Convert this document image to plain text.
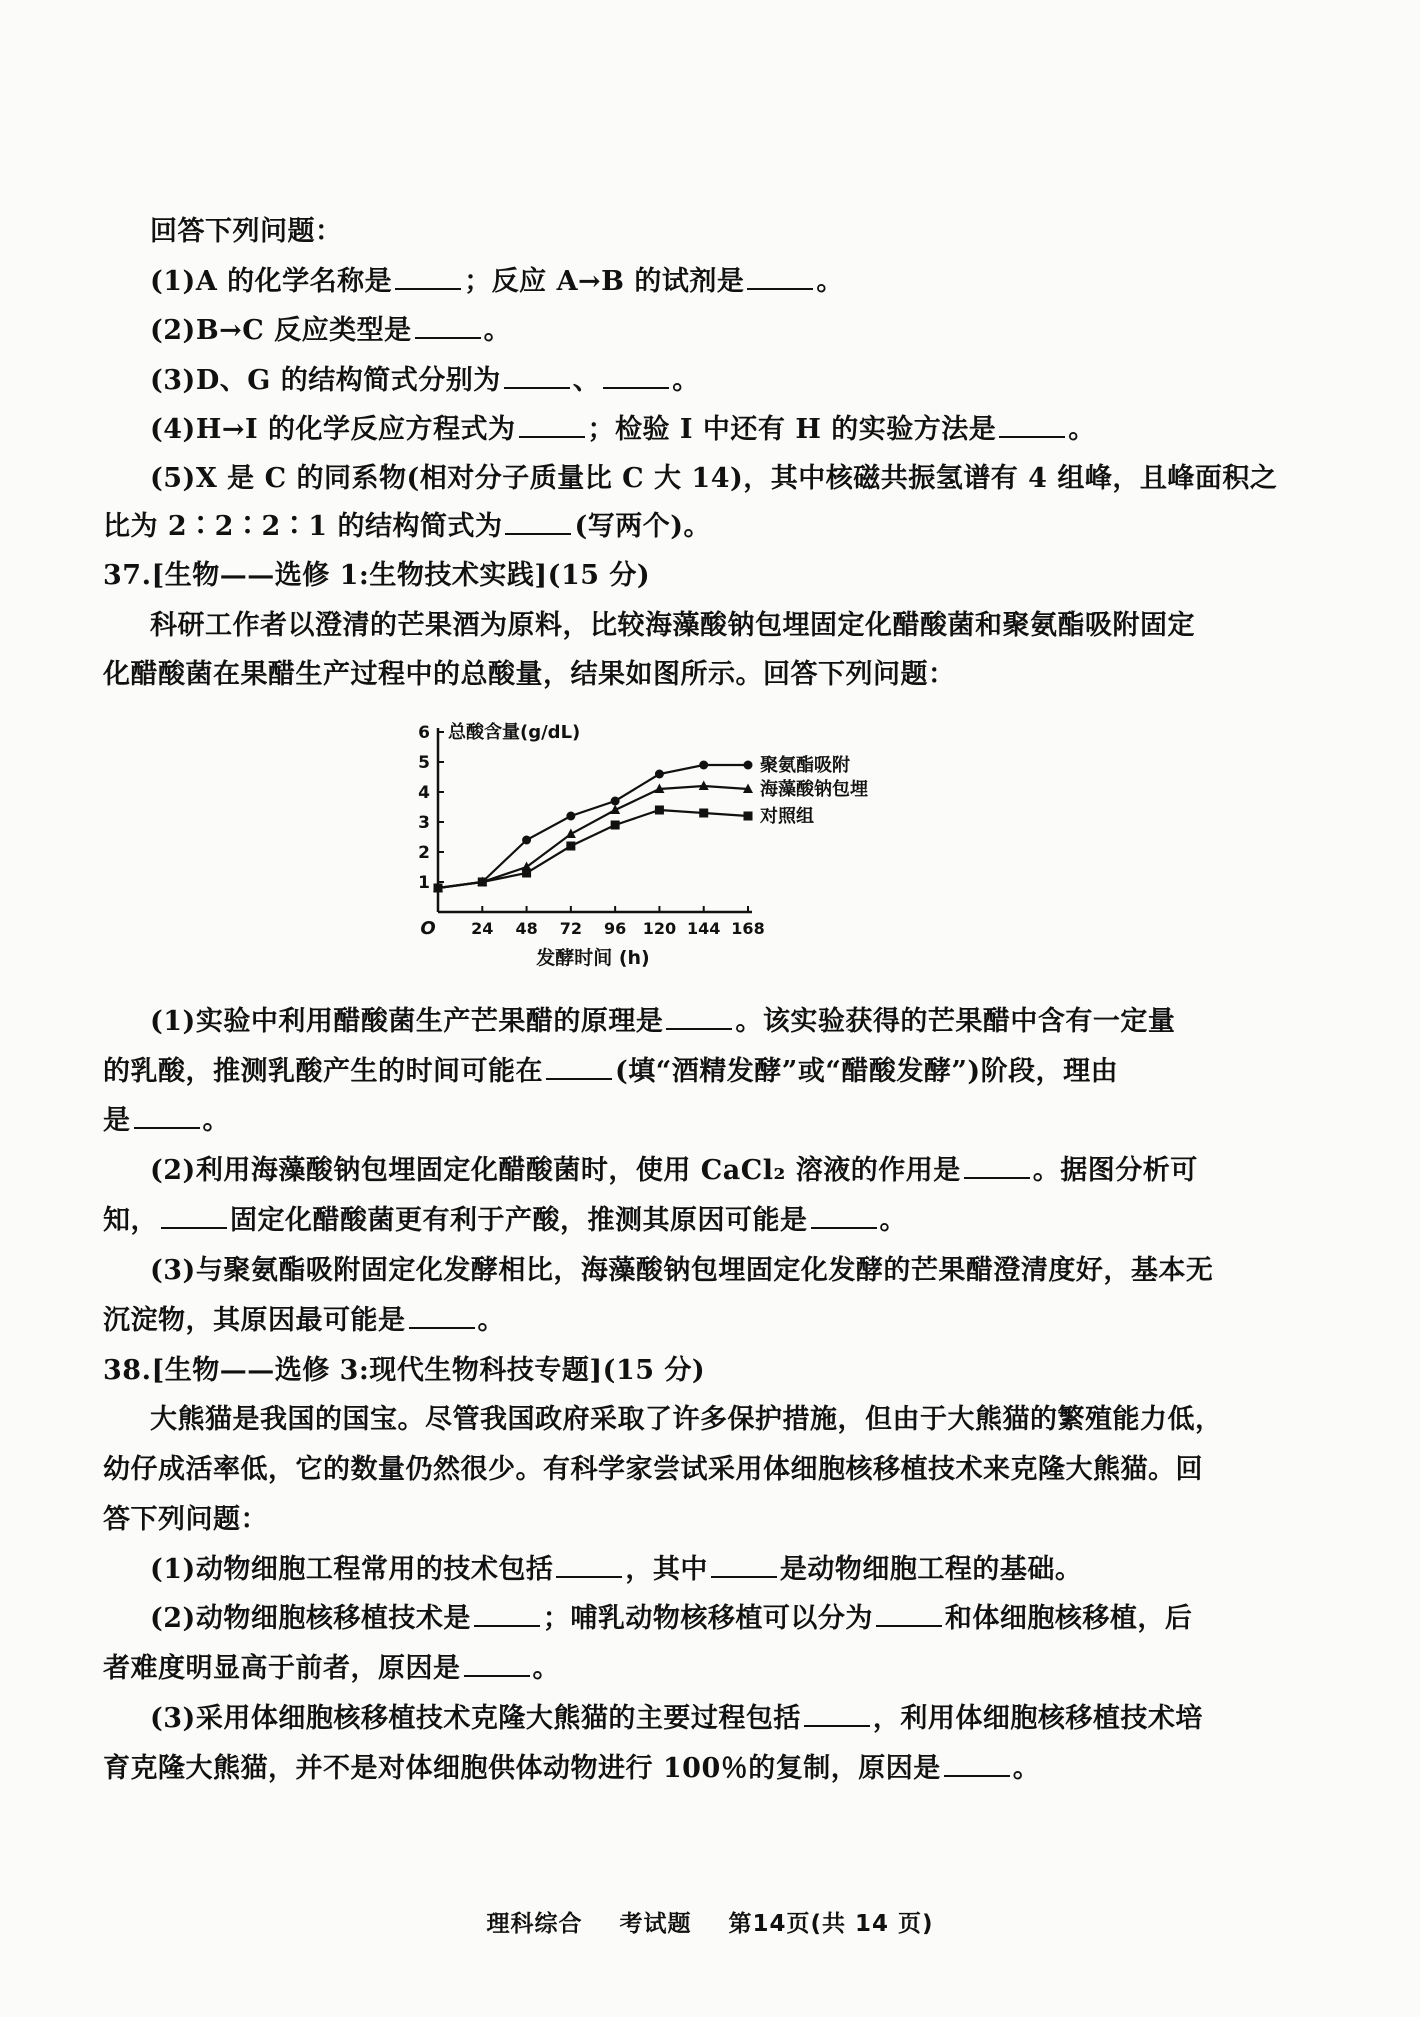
回答下列问题：
(1)A 的化学名称是	；反应 A→B 的试剂是	。
(2)B→C 反应类型是	。
(3)D、G 的结构简式分别为	、	。
(4)H→I 的化学反应方程式为	；检验 I 中还有 H 的实验方法是	。
(5)X 是 C 的同系物(相对分子质量比 C 大 14)，其中核磁共振氢谱有 4 组峰，且峰面积之
比为 2∶2∶2∶1 的结构简式为	(写两个)。
37.[生物——选修 1:生物技术实践](15 分)
科研工作者以澄清的芒果酒为原料，比较海藻酸钠包埋固定化醋酸菌和聚氨酯吸附固定
化醋酸菌在果醋生产过程中的总酸量，结果如图所示。回答下列问题：
1
2
3
4
5
6
24 48 72 96 120 144 168
O
总酸含量(g/dL)
发酵时间 (h)
聚氨酯吸附
海藻酸钠包埋
对照组
(1)实验中利用醋酸菌生产芒果醋的原理是	。该实验获得的芒果醋中含有一定量
的乳酸，推测乳酸产生的时间可能在	(填“酒精发酵”或“醋酸发酵”)阶段，理由
是	。
(2)利用海藻酸钠包埋固定化醋酸菌时，使用 CaCl₂ 溶液的作用是	。据图分析可
知，	固定化醋酸菌更有利于产酸，推测其原因可能是	。
(3)与聚氨酯吸附固定化发酵相比，海藻酸钠包埋固定化发酵的芒果醋澄清度好，基本无
沉淀物，其原因最可能是	。
38.[生物——选修 3:现代生物科技专题](15 分)
大熊猫是我国的国宝。尽管我国政府采取了许多保护措施，但由于大熊猫的繁殖能力低，
幼仔成活率低，它的数量仍然很少。有科学家尝试采用体细胞核移植技术来克隆大熊猫。回
答下列问题：
(1)动物细胞工程常用的技术包括	，其中	是动物细胞工程的基础。
(2)动物细胞核移植技术是	；哺乳动物核移植可以分为	和体细胞核移植，后
者难度明显高于前者，原因是	。
(3)采用体细胞核移植技术克隆大熊猫的主要过程包括	，利用体细胞核移植技术培
育克隆大熊猫，并不是对体细胞供体动物进行 100％的复制，原因是	。
理科综合 考试题 第14页(共 14 页)
